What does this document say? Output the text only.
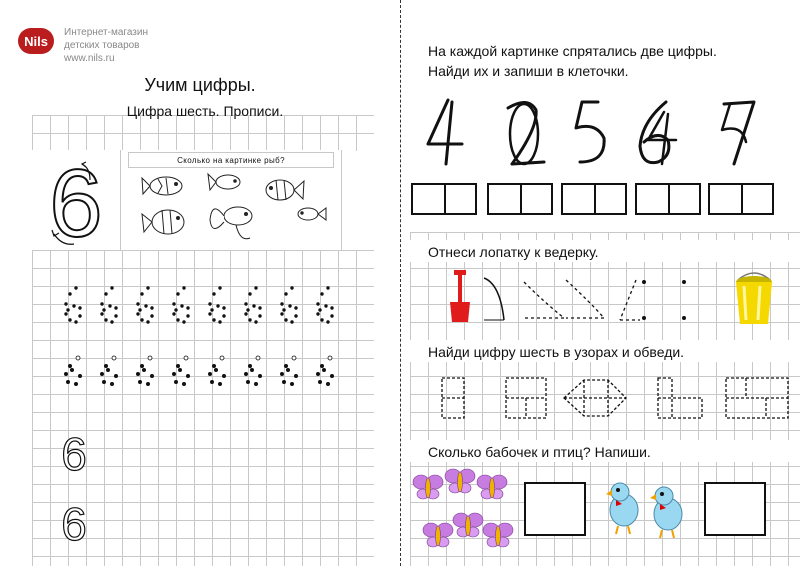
Nils
Интернет-магазин
детских товаров
www.nils.ru
Учим цифры.
Цифра шесть. Прописи.
6	Сколько на картинке рыб?
6
6
На каждой картинке спрятались две цифры.
Найди их и запиши в клеточки.
Отнеси лопатку к ведерку.
Найди цифру шесть в узорах и обведи.
Сколько бабочек и птиц? Напиши.
